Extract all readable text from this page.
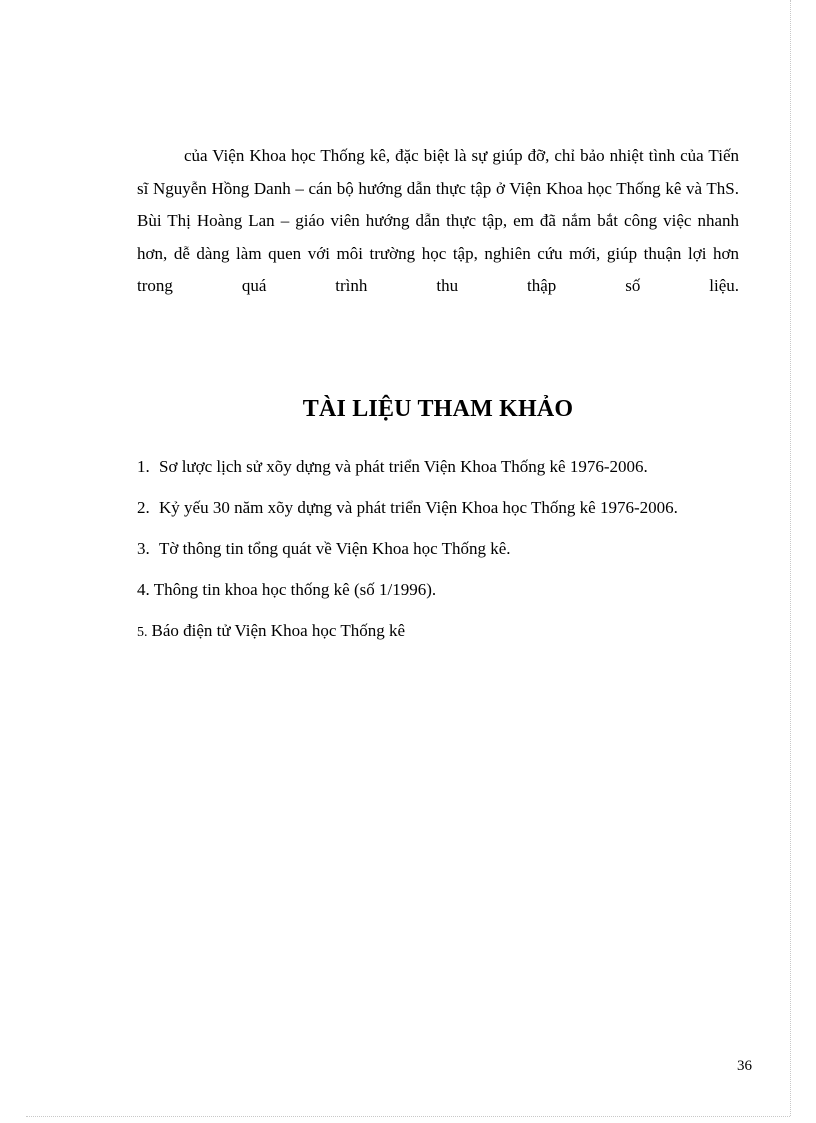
của Viện Khoa học Thống kê, đặc biệt là sự giúp đỡ, chỉ bảo nhiệt tình của Tiến sĩ Nguyễn Hồng Danh – cán bộ hướng dẫn thực tập ở Viện Khoa học Thống kê và ThS. Bùi Thị Hoàng Lan – giáo viên hướng dẫn thực tập, em đã nắm bắt công việc nhanh hơn, dễ dàng làm quen với môi trường học tập, nghiên cứu mới, giúp thuận lợi hơn trong quá trình thu thập số liệu.

TÀI LIỆU THAM KHẢO
1. Sơ lược lịch sử xõy dựng và phát triển Viện Khoa Thống kê 1976-2006.
2. Kỷ yếu 30 năm xõy dựng và phát triển Viện Khoa học Thống kê 1976-2006.
3. Tờ thông tin tổng quát về Viện Khoa học Thống kê.
4. Thông tin khoa học thống kê (số 1/1996).
5. Báo điện tử Viện Khoa học Thống kê
36
